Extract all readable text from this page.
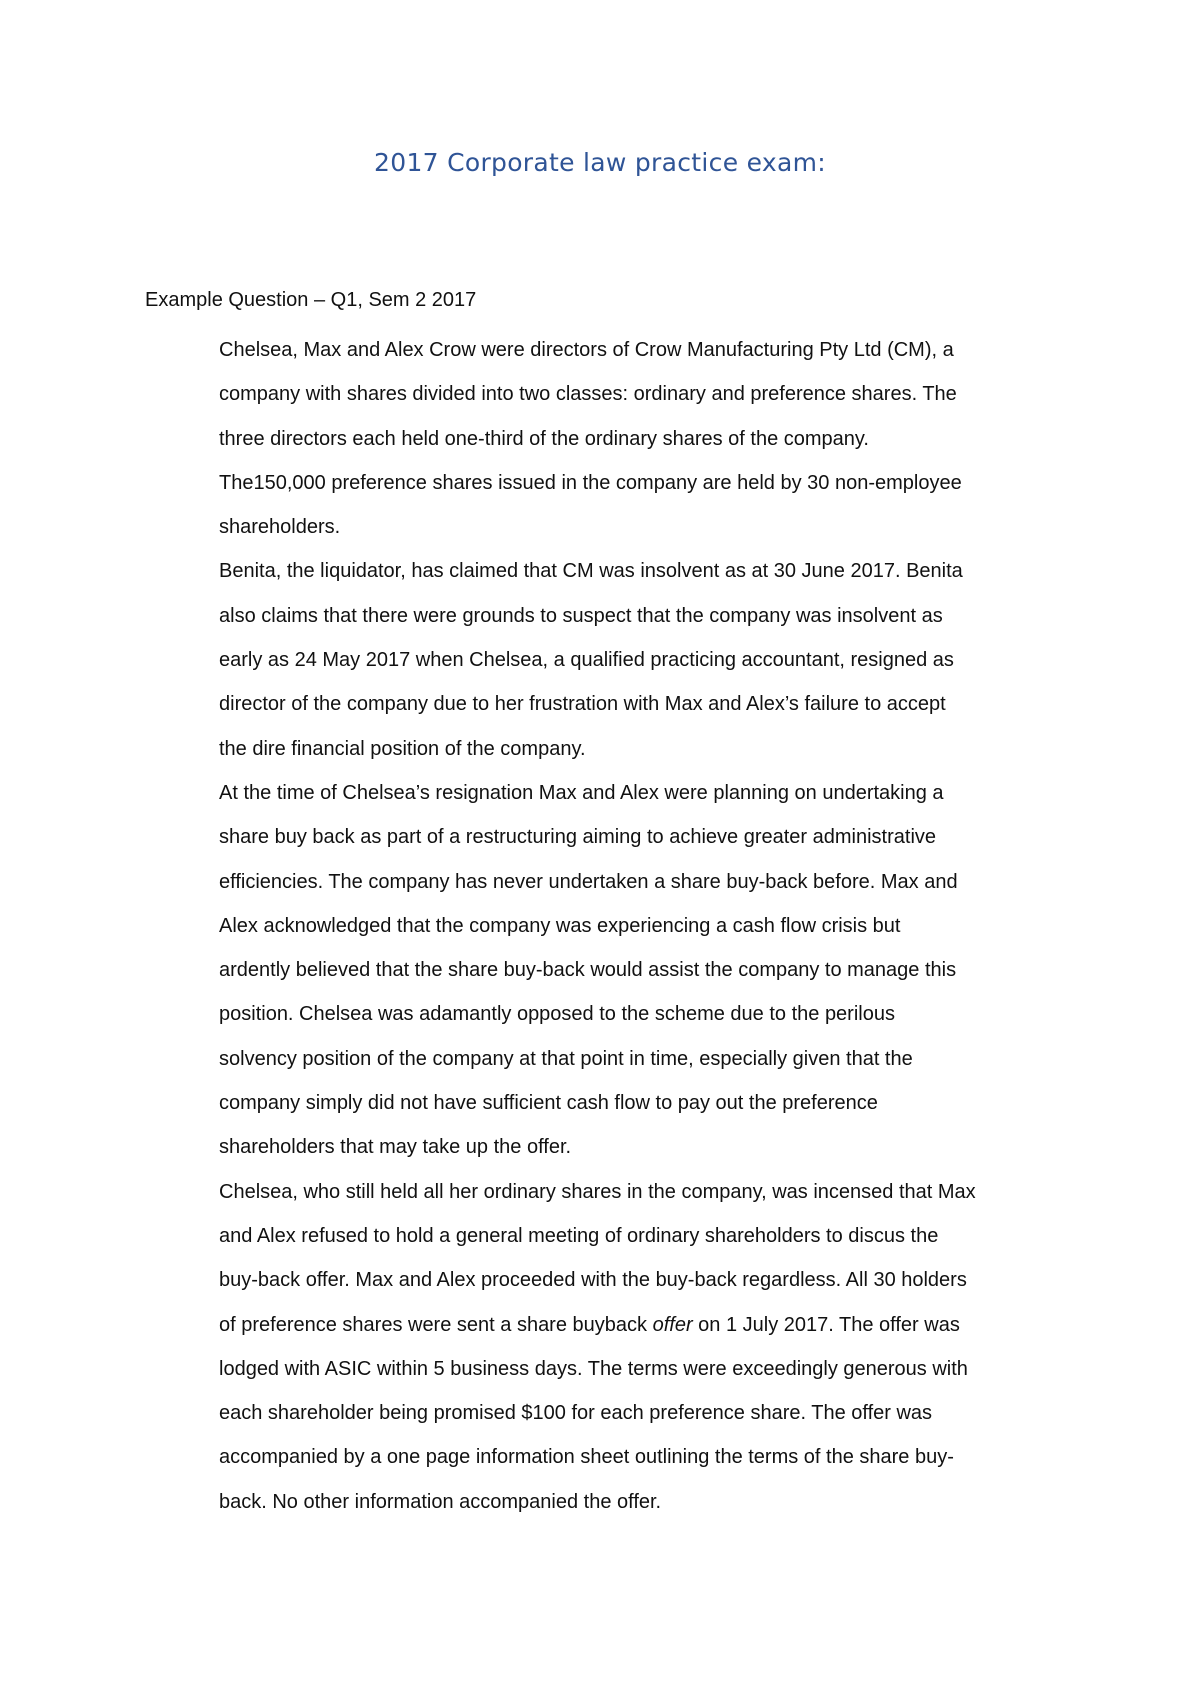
2017 Corporate law practice exam:
Example Question – Q1, Sem 2 2017
Chelsea, Max and Alex Crow were directors of Crow Manufacturing Pty Ltd (CM), a
company with shares divided into two classes: ordinary and preference shares. The
three directors each held one-third of the ordinary shares of the company.
The150,000 preference shares issued in the company are held by 30 non-employee
shareholders.
Benita, the liquidator, has claimed that CM was insolvent as at 30 June 2017. Benita
also claims that there were grounds to suspect that the company was insolvent as
early as 24 May 2017 when Chelsea, a qualified practicing accountant, resigned as
director of the company due to her frustration with Max and Alex’s failure to accept
the dire financial position of the company.
At the time of Chelsea’s resignation Max and Alex were planning on undertaking a
share buy back as part of a restructuring aiming to achieve greater administrative
efficiencies. The company has never undertaken a share buy-back before. Max and
Alex acknowledged that the company was experiencing a cash flow crisis but
ardently believed that the share buy-back would assist the company to manage this
position. Chelsea was adamantly opposed to the scheme due to the perilous
solvency position of the company at that point in time, especially given that the
company simply did not have sufficient cash flow to pay out the preference
shareholders that may take up the offer.
Chelsea, who still held all her ordinary shares in the company, was incensed that Max
and Alex refused to hold a general meeting of ordinary shareholders to discus the
buy-back offer. Max and Alex proceeded with the buy-back regardless. All 30 holders
of preference shares were sent a share buyback offer on 1 July 2017. The offer was
lodged with ASIC within 5 business days. The terms were exceedingly generous with
each shareholder being promised $100 for each preference share. The offer was
accompanied by a one page information sheet outlining the terms of the share buy-
back. No other information accompanied the offer.
